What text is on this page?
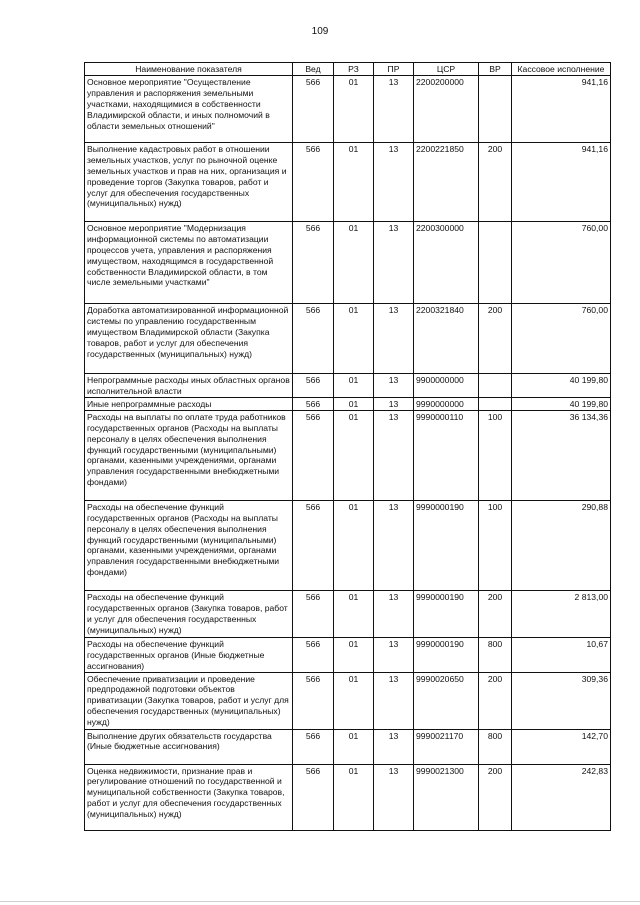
109
Наименование показателя	Вед	РЗ	ПР	ЦСР	ВР	Кассовое исполнение
Основное мероприятие "Осуществление управления и распоряжения земельными участками, находящимися в собственности Владимирской области, и иных полномочий в области земельных отношений"	566	01	13	2200200000		941,16
Выполнение кадастровых работ в отношении земельных участков, услуг по рыночной оценке земельных участков и прав на них, организация и проведение торгов (Закупка товаров, работ и услуг для обеспечения государственных (муниципальных) нужд)	566	01	13	2200221850	200	941,16
Основное мероприятие "Модернизация информационной системы по автоматизации процессов учета, управления и распоряжения имуществом, находящимся в государственной собственности Владимирской области, в том числе земельными участками"	566	01	13	2200300000		760,00
Доработка автоматизированной информационной системы по управлению государственным имуществом Владимирской области (Закупка товаров, работ и услуг для обеспечения государственных (муниципальных) нужд)	566	01	13	2200321840	200	760,00
Непрограммные расходы иных областных органов исполнительной власти	566	01	13	9900000000		40 199,80
Иные непрограммные расходы	566	01	13	9990000000		40 199,80
Расходы на выплаты по оплате труда работников государственных органов (Расходы на выплаты персоналу в целях обеспечения выполнения функций государственными (муниципальными) органами, казенными учреждениями, органами управления государственными внебюджетными фондами)	566	01	13	9990000110	100	36 134,36
Расходы на обеспечение функций государственных органов (Расходы на выплаты персоналу в целях обеспечения выполнения функций государственными (муниципальными) органами, казенными учреждениями, органами управления государственными внебюджетными фондами)	566	01	13	9990000190	100	290,88
Расходы на обеспечение функций государственных органов (Закупка товаров, работ и услуг для обеспечения государственных (муниципальных) нужд)	566	01	13	9990000190	200	2 813,00
Расходы на обеспечение функций государственных органов (Иные бюджетные ассигнования)	566	01	13	9990000190	800	10,67
Обеспечение приватизации и проведение предпродажной подготовки объектов приватизации (Закупка товаров, работ и услуг для обеспечения государственных (муниципальных) нужд)	566	01	13	9990020650	200	309,36
Выполнение других обязательств государства (Иные бюджетные ассигнования)	566	01	13	9990021170	800	142,70
Оценка недвижимости, признание прав и регулирование отношений по государственной и муниципальной собственности (Закупка товаров, работ и услуг для обеспечения государственных (муниципальных) нужд)	566	01	13	9990021300	200	242,83
